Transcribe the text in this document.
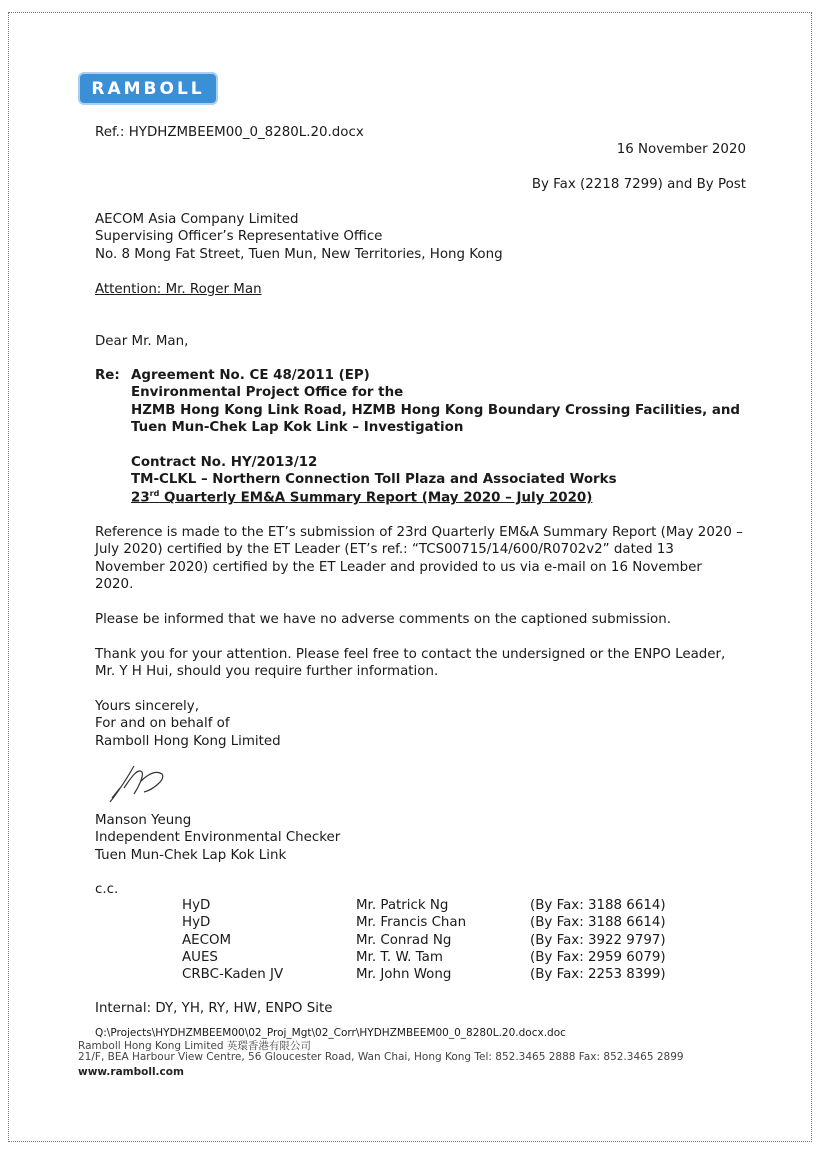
RAMBOLL
Ref.: HYDHZMBEEM00_0_8280L.20.docx
16 November 2020
By Fax (2218 7299) and By Post
AECOM Asia Company Limited
Supervising Officer’s Representative Office
No. 8 Mong Fat Street, Tuen Mun, New Territories, Hong Kong
Attention: Mr. Roger Man
Dear Mr. Man,
Re: Agreement No. CE 48/2011 (EP)
Environmental Project Office for the
HZMB Hong Kong Link Road, HZMB Hong Kong Boundary Crossing Facilities, and
Tuen Mun-Chek Lap Kok Link – Investigation
Contract No. HY/2013/12
TM-CLKL – Northern Connection Toll Plaza and Associated Works
23rd Quarterly EM&A Summary Report (May 2020 – July 2020)
Reference is made to the ET’s submission of 23rd Quarterly EM&A Summary Report (May 2020 –
July 2020) certified by the ET Leader (ET’s ref.: “TCS00715/14/600/R0702v2” dated 13
November 2020) certified by the ET Leader and provided to us via e-mail on 16 November
2020.
Please be informed that we have no adverse comments on the captioned submission.
Thank you for your attention. Please feel free to contact the undersigned or the ENPO Leader,
Mr. Y H Hui, should you require further information.
Yours sincerely,
For and on behalf of
Ramboll Hong Kong Limited
Manson Yeung
Independent Environmental Checker
Tuen Mun-Chek Lap Kok Link
c.c.
HyD	Mr. Patrick Ng	(By Fax: 3188 6614)
HyD	Mr. Francis Chan	(By Fax: 3188 6614)
AECOM	Mr. Conrad Ng	(By Fax: 3922 9797)
AUES	Mr. T. W. Tam	(By Fax: 2959 6079)
CRBC-Kaden JV	Mr. John Wong	(By Fax: 2253 8399)
Internal: DY, YH, RY, HW, ENPO Site
Q:\Projects\HYDHZMBEEM00\02_Proj_Mgt\02_Corr\HYDHZMBEEM00_0_8280L.20.docx.doc
Ramboll Hong Kong Limited 英環香港有限公司
21/F, BEA Harbour View Centre, 56 Gloucester Road, Wan Chai, Hong Kong Tel: 852.3465 2888 Fax: 852.3465 2899
www.ramboll.com
